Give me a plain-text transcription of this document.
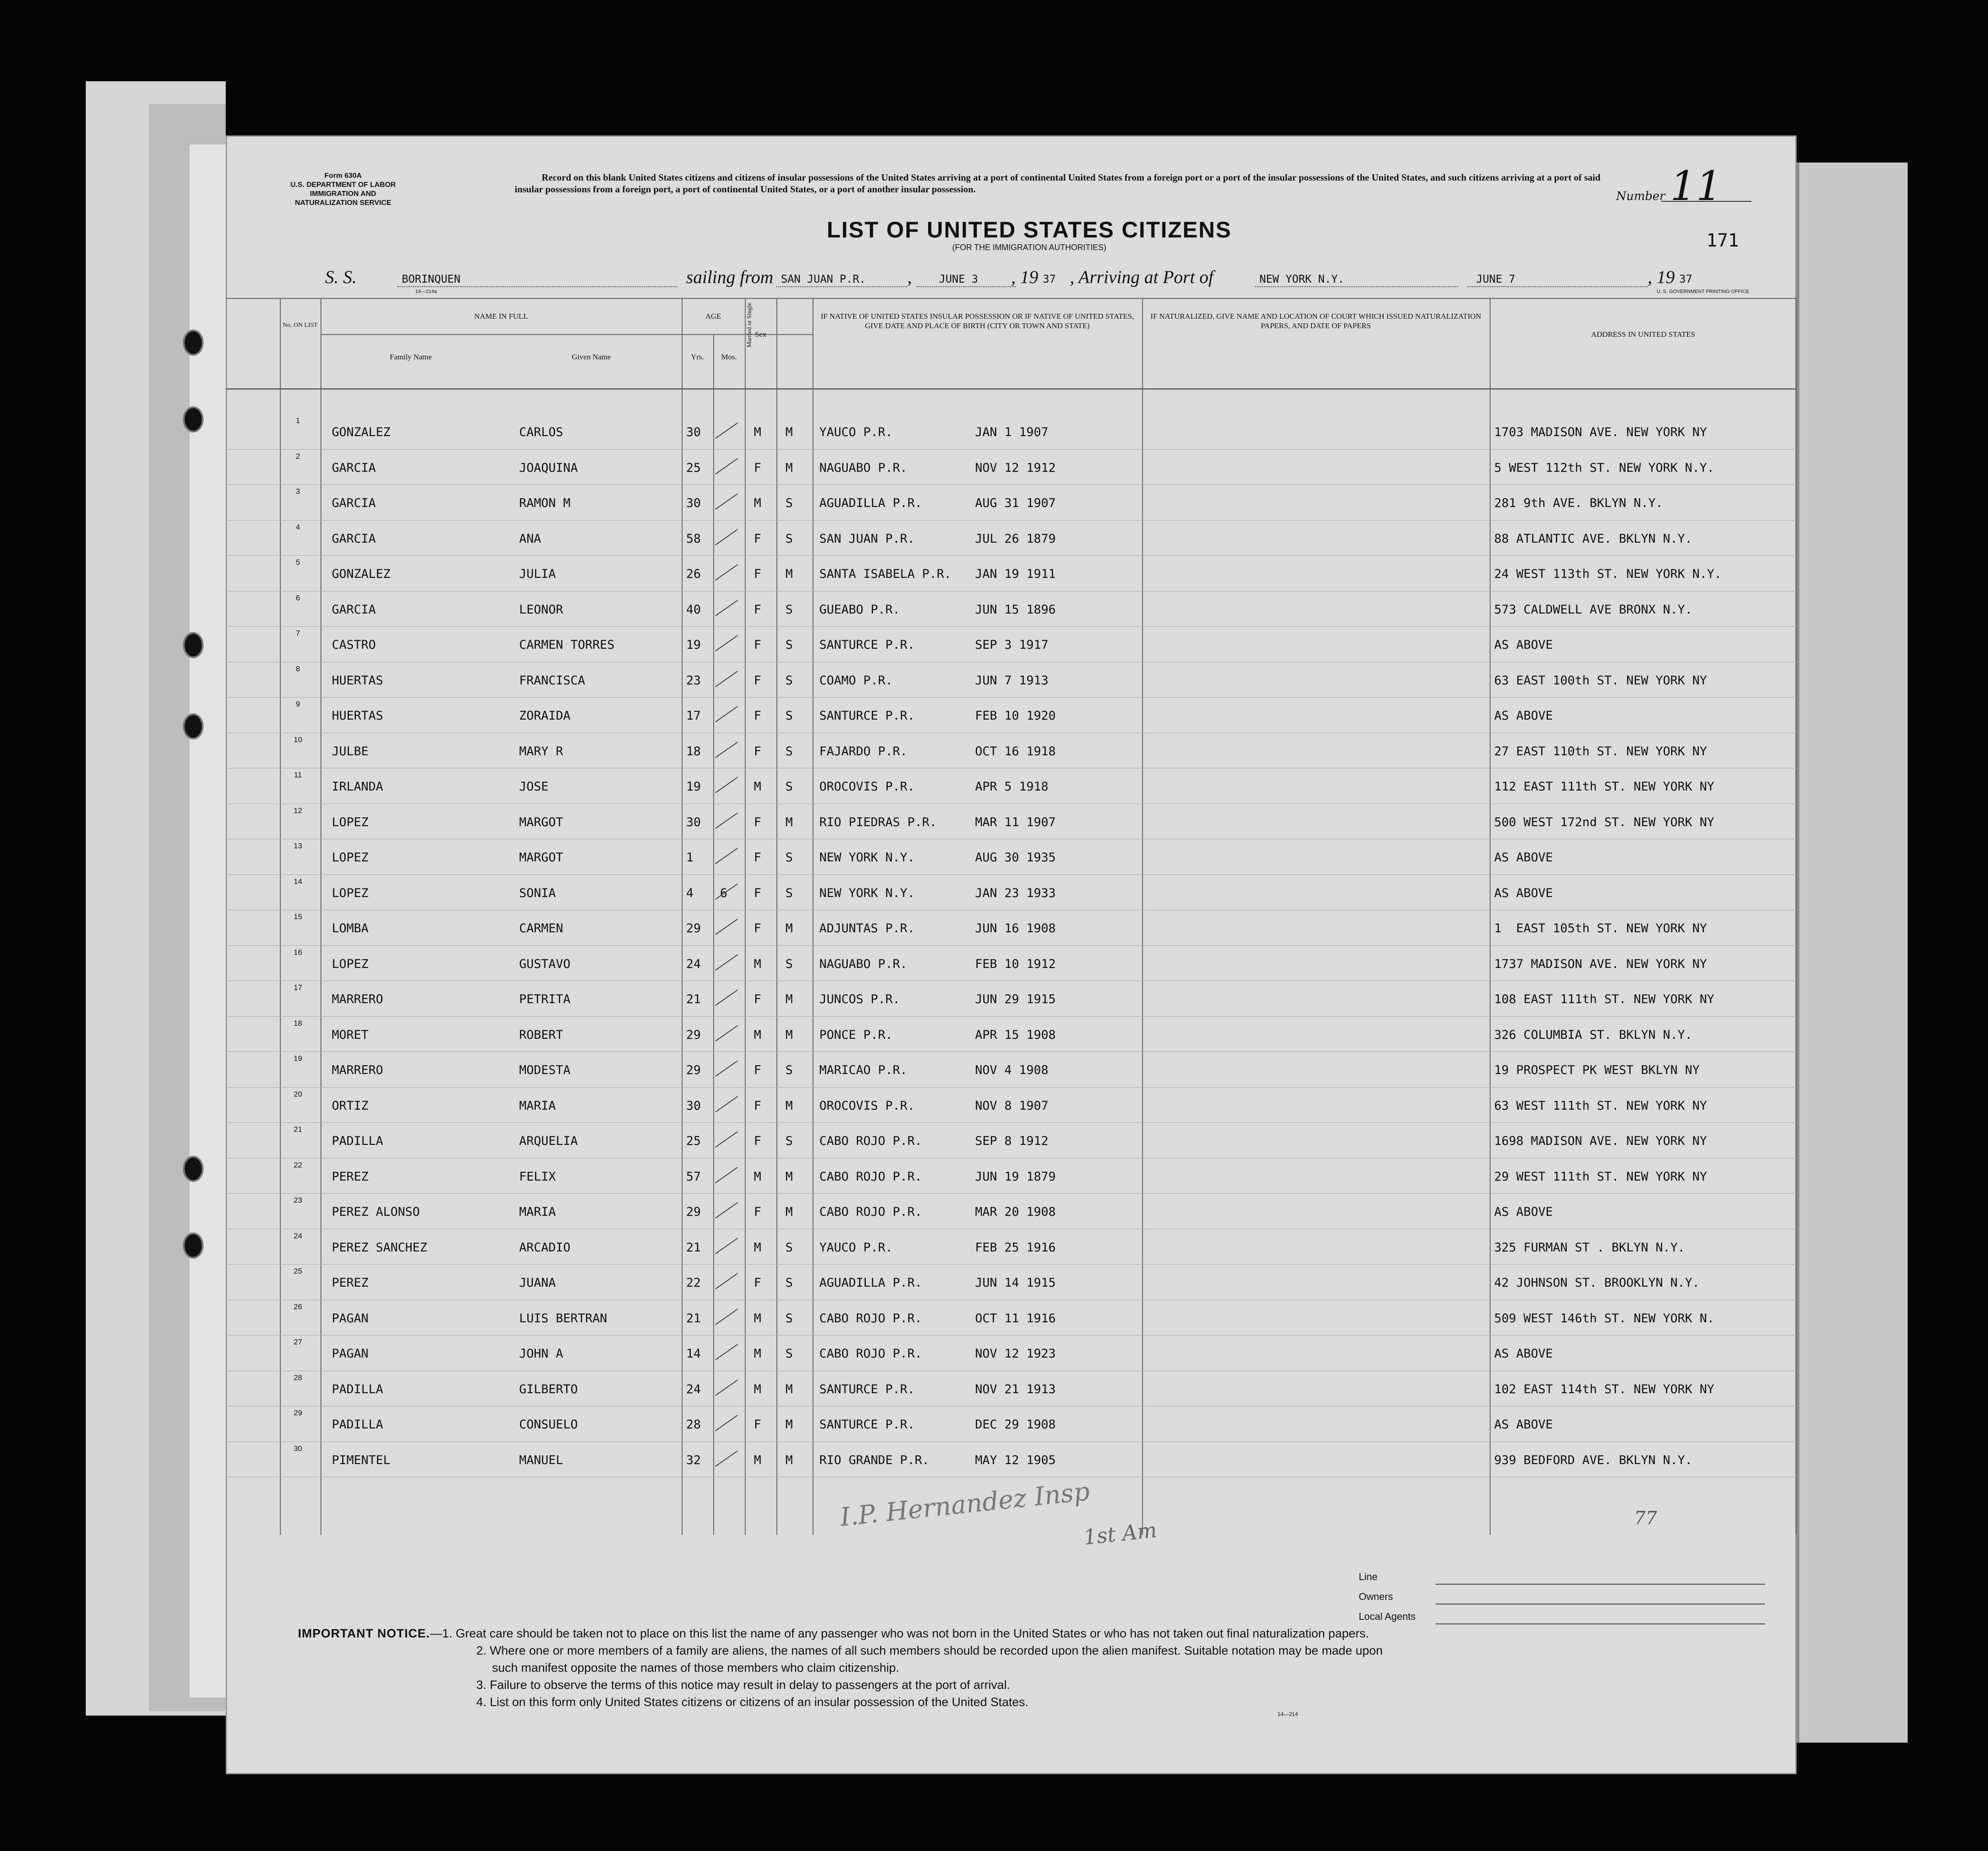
Form 630A
U.S. DEPARTMENT OF LABOR
IMMIGRATION AND
NATURALIZATION SERVICE
Record on this blank United States citizens and citizens of insular possessions of the United States arriving at a port of continental United States from a foreign port or a port of the insular possessions of the United States, and such citizens arriving at a port of said insular possessions from a foreign port, a port of continental United States, or a port of another insular possession.
Number 11
171
LIST OF UNITED STATES CITIZENS
(FOR THE IMMIGRATION AUTHORITIES)
S. S.	BORINQUEN
14—214a
sailing from SAN JUAN P.R. ,	JUNE 3 , 19 37 , Arriving at Port of	NEW YORK N.Y.	JUNE 7	, 19 37
U. S. GOVERNMENT PRINTING OFFICE
No. ON LIST
NAME IN FULL
Family Name	Given Name
AGE
Yrs.	Mos.
Sex
Married or Single	IF NATIVE OF UNITED STATES INSULAR POSSESSION OR IF NATIVE OF UNITED STATES, GIVE DATE AND PLACE OF BIRTH (CITY OR TOWN AND STATE)
IF NATURALIZED, GIVE NAME AND LOCATION OF COURT WHICH ISSUED NATURALIZATION PAPERS, AND DATE OF PAPERS
ADDRESS IN UNITED STATES
1
GONZALEZ	CARLOS	30	M M YAUCO P.R.	JAN 1 1907	1703 MADISON AVE. NEW YORK NY
2
GARCIA	JOAQUINA	25	F M NAGUABO P.R.	NOV 12 1912	5 WEST 112th ST. NEW YORK N.Y.
3
GARCIA	RAMON M	30	M S AGUADILLA P.R.	AUG 31 1907	281 9th AVE. BKLYN N.Y.
4
GARCIA	ANA	58	F S SAN JUAN P.R.	JUL 26 1879	88 ATLANTIC AVE. BKLYN N.Y.
5
GONZALEZ	JULIA	26	F M SANTA ISABELA P.R. JAN 19 1911	24 WEST 113th ST. NEW YORK N.Y.
6
GARCIA	LEONOR	40	F S GUEABO P.R.	JUN 15 1896	573 CALDWELL AVE BRONX N.Y.
7
CASTRO	CARMEN TORRES	19	F S SANTURCE P.R.	SEP 3 1917	AS ABOVE
8
HUERTAS	FRANCISCA	23	F S COAMO P.R.	JUN 7 1913	63 EAST 100th ST. NEW YORK NY
9
HUERTAS	ZORAIDA	17	F S SANTURCE P.R.	FEB 10 1920	AS ABOVE
10
JULBE	MARY R	18	F S FAJARDO P.R.	OCT 16 1918	27 EAST 110th ST. NEW YORK NY
11
IRLANDA	JOSE	19	M S OROCOVIS P.R.	APR 5 1918	112 EAST 111th ST. NEW YORK NY
12
LOPEZ	MARGOT	30	F M RIO PIEDRAS P.R.	MAR 11 1907	500 WEST 172nd ST. NEW YORK NY
13
LOPEZ	MARGOT	1	F S NEW YORK N.Y.	AUG 30 1935	AS ABOVE
14
LOPEZ	SONIA	4 6 F S NEW YORK N.Y.	JAN 23 1933	AS ABOVE
15
LOMBA	CARMEN	29	F M ADJUNTAS P.R.	JUN 16 1908	1  EAST 105th ST. NEW YORK NY
16
LOPEZ	GUSTAVO	24	M S NAGUABO P.R.	FEB 10 1912	1737 MADISON AVE. NEW YORK NY
17
MARRERO	PETRITA	21	F M JUNCOS P.R.	JUN 29 1915	108 EAST 111th ST. NEW YORK NY
18
MORET	ROBERT	29	M M PONCE P.R.	APR 15 1908	326 COLUMBIA ST. BKLYN N.Y.
19
MARRERO	MODESTA	29	F S MARICAO P.R.	NOV 4 1908	19 PROSPECT PK WEST BKLYN NY
20
ORTIZ	MARIA	30	F M OROCOVIS P.R.	NOV 8 1907	63 WEST 111th ST. NEW YORK NY
21
PADILLA	ARQUELIA	25	F S CABO ROJO P.R.	SEP 8 1912	1698 MADISON AVE. NEW YORK NY
22
PEREZ	FELIX	57	M M CABO ROJO P.R.	JUN 19 1879	29 WEST 111th ST. NEW YORK NY
23
PEREZ ALONSO	MARIA	29	F M CABO ROJO P.R.	MAR 20 1908	AS ABOVE
24
PEREZ SANCHEZ	ARCADIO	21	M S YAUCO P.R.	FEB 25 1916	325 FURMAN ST . BKLYN N.Y.
25
PEREZ	JUANA	22	F S AGUADILLA P.R.	JUN 14 1915	42 JOHNSON ST. BROOKLYN N.Y.
26
PAGAN	LUIS BERTRAN	21	M S CABO ROJO P.R.	OCT 11 1916	509 WEST 146th ST. NEW YORK N.
27
PAGAN	JOHN A	14	M S CABO ROJO P.R.	NOV 12 1923	AS ABOVE
28
PADILLA	GILBERTO	24	M M SANTURCE P.R.	NOV 21 1913	102 EAST 114th ST. NEW YORK NY
29
PADILLA	CONSUELO	28	F M SANTURCE P.R.	DEC 29 1908	AS ABOVE
30
PIMENTEL	MANUEL	32	M M RIO GRANDE P.R.	MAY 12 1905	939 BEDFORD AVE. BKLYN N.Y.
I.P. Hernandez Insp
1st Am	77
Line
Owners
Local Agents
IMPORTANT NOTICE.—1. Great care should be taken not to place on this list the name of any passenger who was not born in the United States or who has not taken out final naturalization papers.
2. Where one or more members of a family are aliens, the names of all such members should be recorded upon the alien manifest. Suitable notation may be made upon
such manifest opposite the names of those members who claim citizenship.
3. Failure to observe the terms of this notice may result in delay to passengers at the port of arrival.
4. List on this form only United States citizens or citizens of an insular possession of the United States.
14—214
